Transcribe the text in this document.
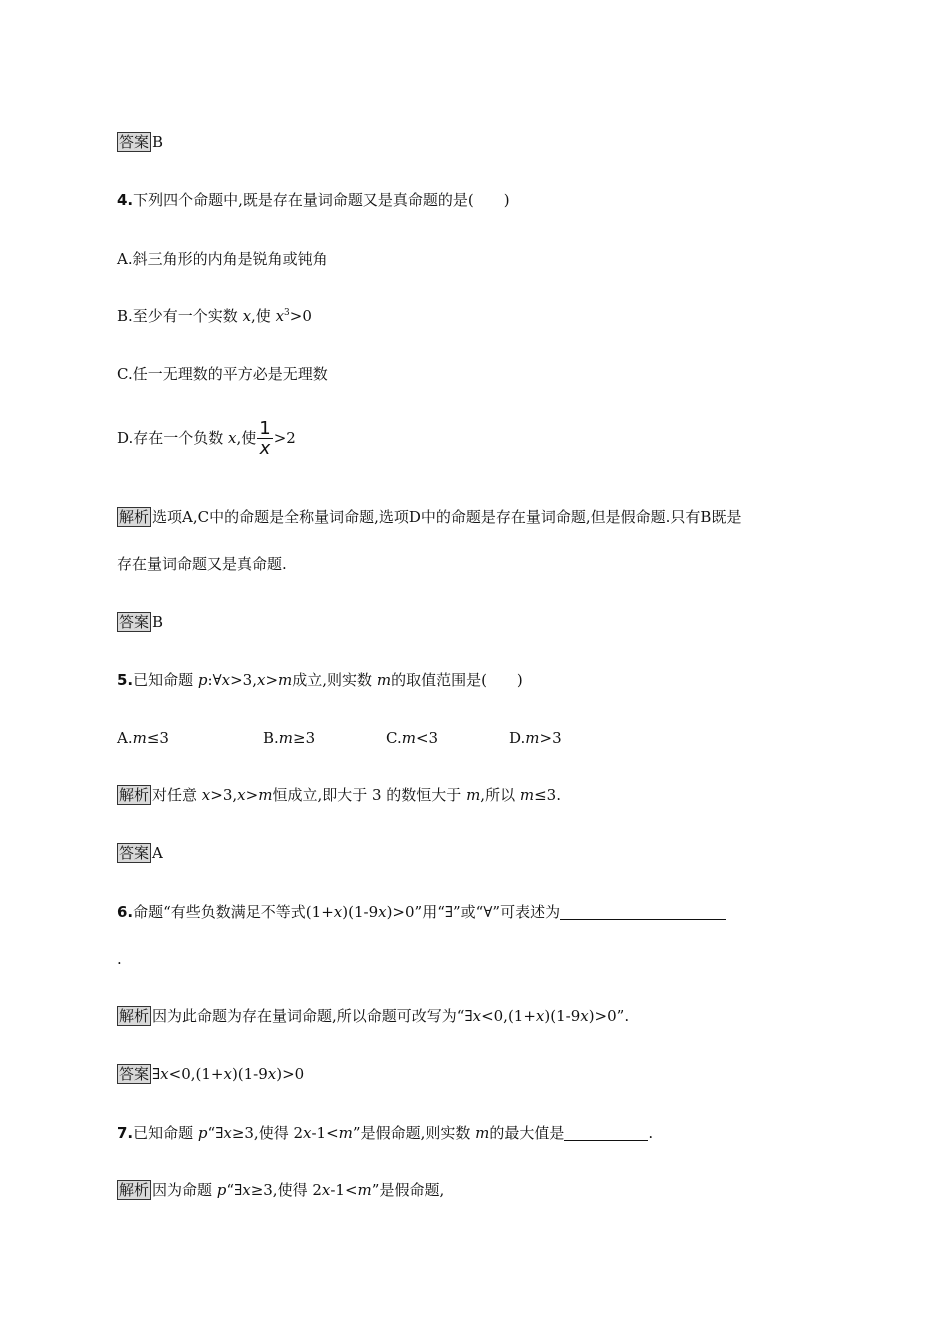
答案 B
4.下列四个命题中,既是存在量词命题又是真命题的是(　　)
A.斜三角形的内角是锐角或钝角
B.至少有一个实数 x,使 $x^3>0$
C.任一无理数的平方必是无理数
D.存在一个负数 x,使 $\frac{1}{x} >2$
解析 选项A,C中的命题是全称量词命题,选项D中的命题是存在量词命题,但是假命题.只有B既是
存在量词命题又是真命题.
答案 B
5.已知命题 p:∀x>3,x>m成立,则实数 m的取值范围是(　　)
A.m≤3	B.m≥3	C.m<3	D.m>3
解析 对任意 x>3,x>m恒成立,即大于 3 的数恒大于 m,所以 m≤3.
答案 A
6.命题“有些负数满足不等式(1+x)(1-9x)>0”用“∃”或“∀”可表述为
.
解析 因为此命题为存在量词命题,所以命题可改写为“∃x<0,(1+x)(1-9x)>0”.
答案 ∃x<0,(1+x)(1-9x)>0
7.已知命题 p“∃x≥3,使得 2x-1<m”是假命题,则实数 m的最大值是	.
解析 因为命题 p“∃x≥3,使得 2x-1<m”是假命题,
